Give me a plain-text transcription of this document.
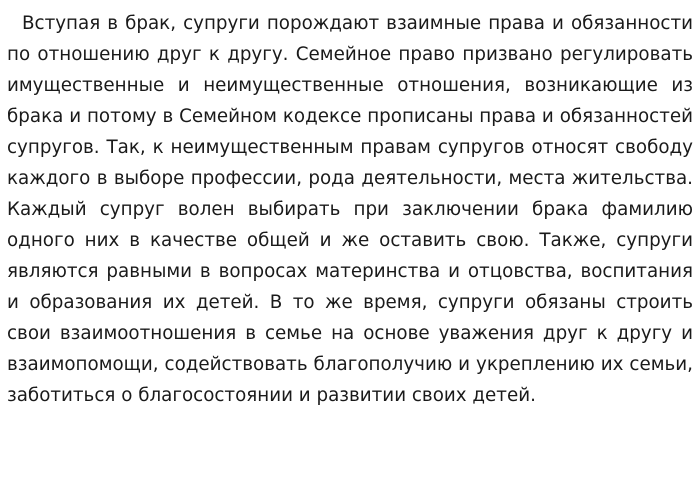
Вступая в брак, супруги порождают взаимные права и обязанности по отношению друг к другу. Семейное право призвано регулировать имущественные и неимущественные отношения, возникающие из брака и потому в Семейном кодексе прописаны права и обязанностей супругов. Так, к неимущественным правам супругов относят свободу каждого в выборе профессии, рода деятельности, места жительства. Каждый супруг волен выбирать при заключении брака фамилию одного них в качестве общей и же оставить свою. Также, супруги являются равными в вопросах материнства и отцовства, воспитания и образования их детей. В то же время, супруги обязаны строить свои взаимоотношения в семье на основе уважения друг к другу и взаимопомощи, содействовать благополучию и укреплению их семьи, заботиться о благосостоянии и развитии своих детей.
